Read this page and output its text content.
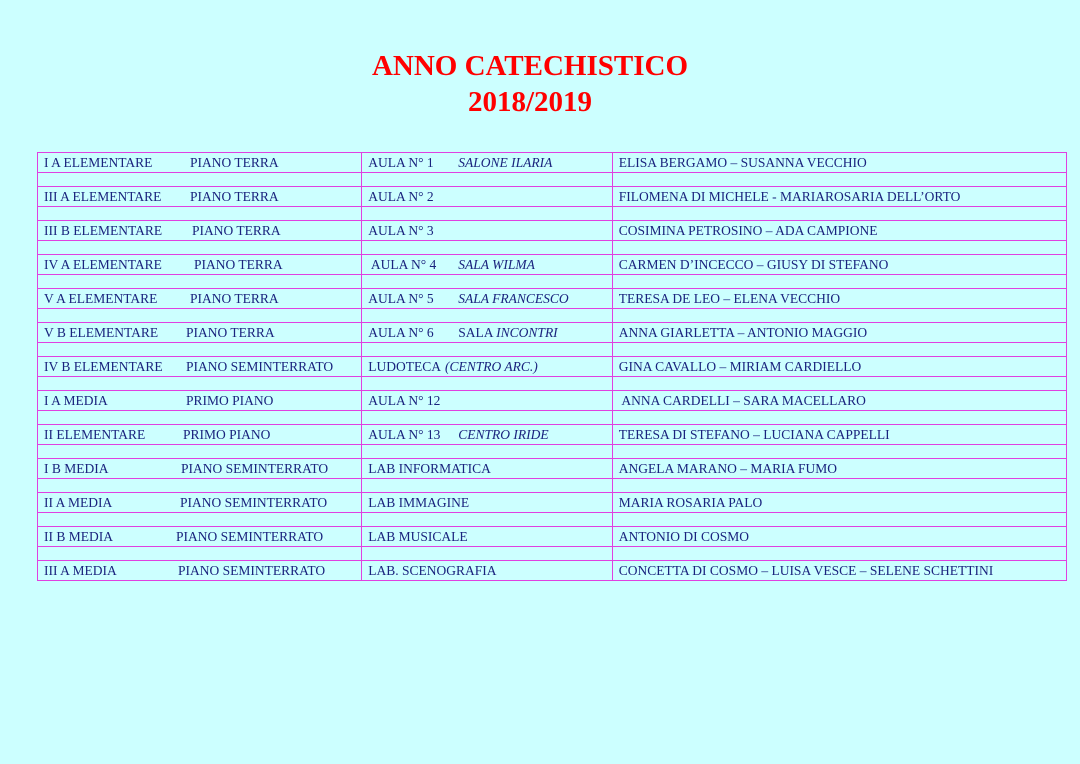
ANNO CATECHISTICO
2018/2019
I A ELEMENTARE PIANO TERRA	AULA N° 1 SALONE ILARIA	ELISA BERGAMO – SUSANNA VECCHIO

III A ELEMENTARE PIANO TERRA	AULA N° 2	FILOMENA DI MICHELE - MARIAROSARIA DELL’ORTO

III B ELEMENTARE PIANO TERRA	AULA N° 3	COSIMINA PETROSINO – ADA CAMPIONE

IV A ELEMENTARE PIANO TERRA	AULA N° 4 SALA WILMA	CARMEN D’INCECCO – GIUSY DI STEFANO

V A ELEMENTARE PIANO TERRA	AULA N° 5 SALA FRANCESCO	TERESA DE LEO – ELENA VECCHIO

V B ELEMENTARE PIANO TERRA	AULA N° 6 SALA INCONTRI	ANNA GIARLETTA – ANTONIO MAGGIO

IV B ELEMENTARE PIANO SEMINTERRATO	LUDOTECA (CENTRO ARC.)	GINA CAVALLO – MIRIAM CARDIELLO

I A MEDIA PRIMO PIANO	AULA N° 12	ANNA CARDELLI – SARA MACELLARO

II ELEMENTARE PRIMO PIANO	AULA N° 13 CENTRO IRIDE	TERESA DI STEFANO – LUCIANA CAPPELLI

I B MEDIA PIANO SEMINTERRATO	LAB INFORMATICA	ANGELA MARANO – MARIA FUMO

II A MEDIA PIANO SEMINTERRATO	LAB IMMAGINE	MARIA ROSARIA PALO

II B MEDIA PIANO SEMINTERRATO	LAB MUSICALE	ANTONIO DI COSMO

III A MEDIA PIANO SEMINTERRATO	LAB. SCENOGRAFIA	CONCETTA DI COSMO – LUISA VESCE – SELENE SCHETTINI
